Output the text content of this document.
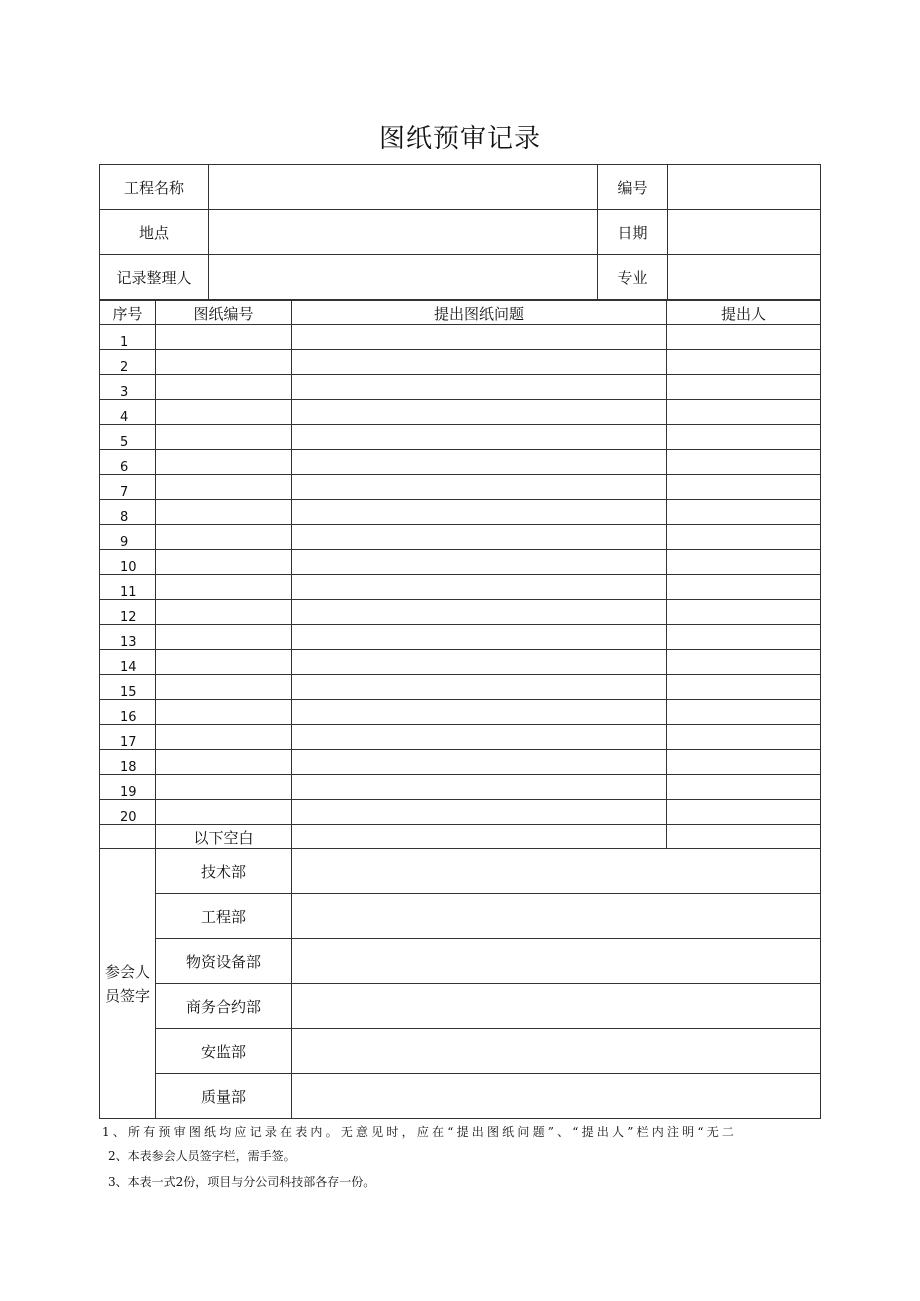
图纸预审记录
工程名称		编号	
地点		日期	
记录整理人		专业	
序号	图纸编号	提出图纸问题	提出人
1			
2			
3			
4			
5			
6			
7			
8			
9			
10			
11			
12			
13			
14			
15			
16			
17			
18			
19			
20			
	以下空白		

参会人
员签字	技术部		
	工程部		
	物资设备部		
	商务合约部		
	安监部		
	质量部		
1、所有预审图纸均应记录在表内。无意见时，应在“提出图纸问题”、“提出人”栏内注明“无二
2、本表参会人员签字栏，需手签。
3、本表一式2份，项目与分公司科技部各存一份。
